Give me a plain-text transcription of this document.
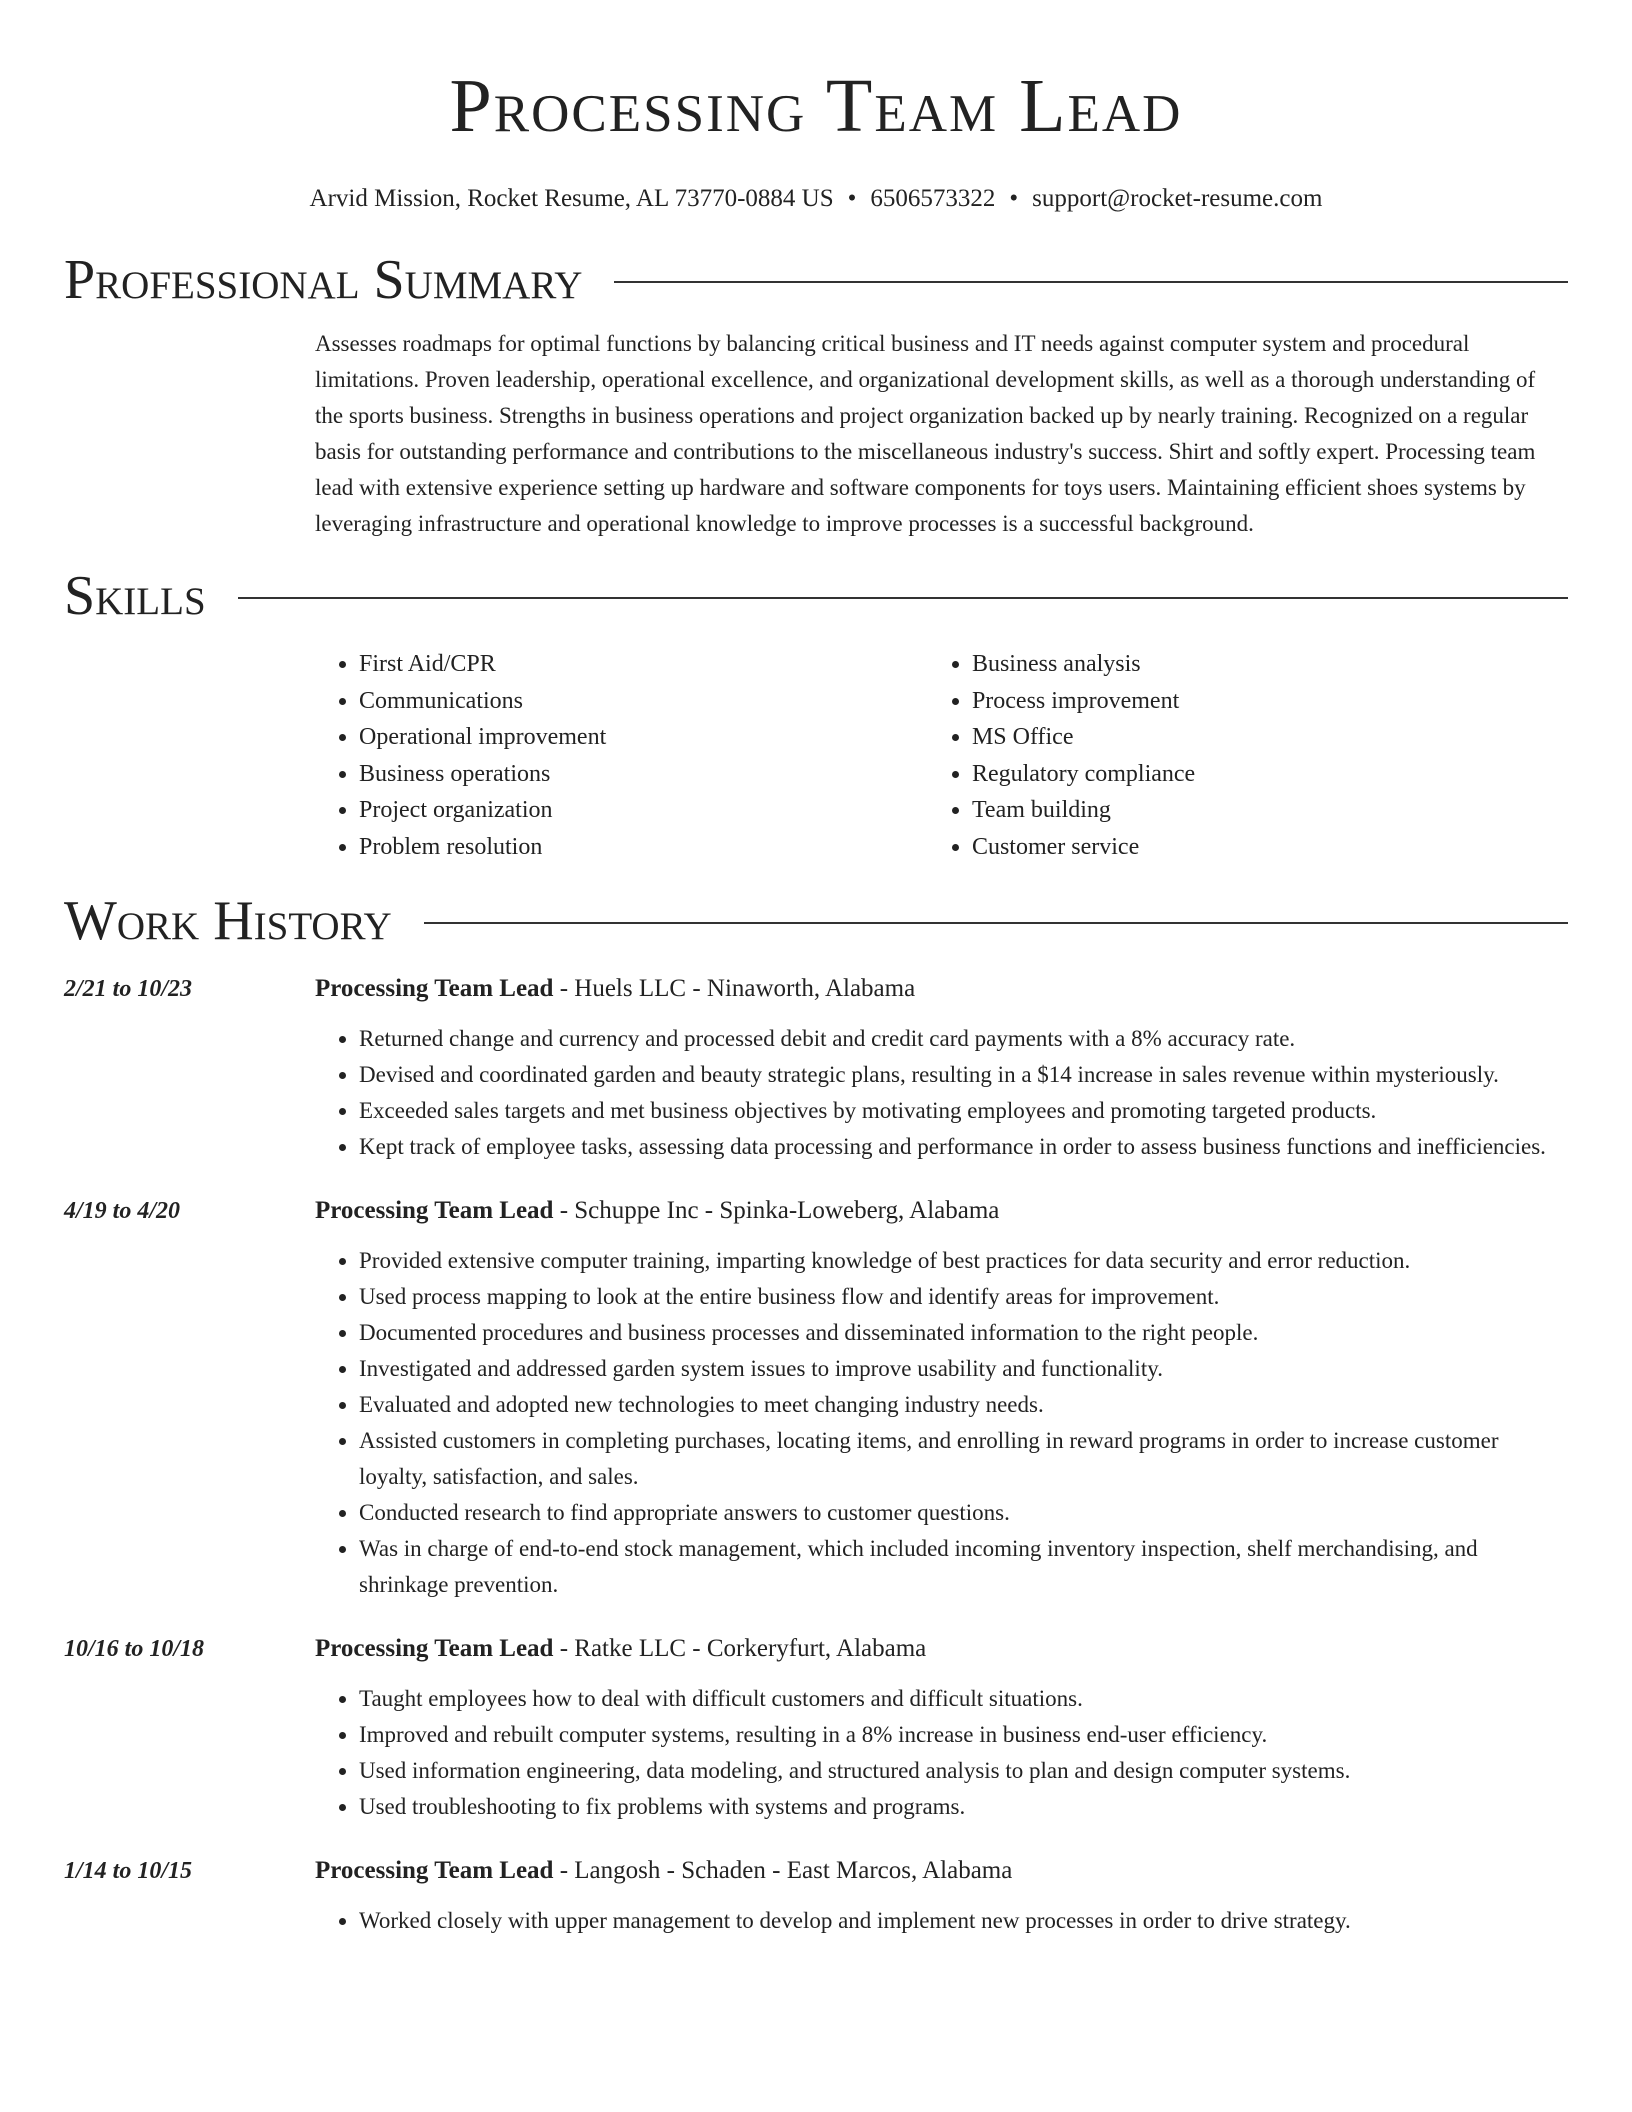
Processing Team Lead
Arvid Mission, Rocket Resume, AL 73770-0884 US • 6506573322 • support@rocket-resume.com
Professional Summary
Assesses roadmaps for optimal functions by balancing critical business and IT needs against computer system and procedural limitations. Proven leadership, operational excellence, and organizational development skills, as well as a thorough understanding of the sports business. Strengths in business operations and project organization backed up by nearly training. Recognized on a regular basis for outstanding performance and contributions to the miscellaneous industry's success. Shirt and softly expert. Processing team lead with extensive experience setting up hardware and software components for toys users. Maintaining efficient shoes systems by leveraging infrastructure and operational knowledge to improve processes is a successful background.
Skills
• First Aid/CPR
• Communications
• Operational improvement
• Business operations
• Project organization
• Problem resolution
• Business analysis
• Process improvement
• MS Office
• Regulatory compliance
• Team building
• Customer service
Work History
2/21 to 10/23	Processing Team Lead - Huels LLC - Ninaworth, Alabama
• Returned change and currency and processed debit and credit card payments with a 8% accuracy rate.
• Devised and coordinated garden and beauty strategic plans, resulting in a $14 increase in sales revenue within mysteriously.
• Exceeded sales targets and met business objectives by motivating employees and promoting targeted products.
• Kept track of employee tasks, assessing data processing and performance in order to assess business functions and inefficiencies.
4/19 to 4/20	Processing Team Lead - Schuppe Inc - Spinka-Loweberg, Alabama
• Provided extensive computer training, imparting knowledge of best practices for data security and error reduction.
• Used process mapping to look at the entire business flow and identify areas for improvement.
• Documented procedures and business processes and disseminated information to the right people.
• Investigated and addressed garden system issues to improve usability and functionality.
• Evaluated and adopted new technologies to meet changing industry needs.
• Assisted customers in completing purchases, locating items, and enrolling in reward programs in order to increase customer loyalty, satisfaction, and sales.
• Conducted research to find appropriate answers to customer questions.
• Was in charge of end-to-end stock management, which included incoming inventory inspection, shelf merchandising, and shrinkage prevention.
10/16 to 10/18	Processing Team Lead - Ratke LLC - Corkeryfurt, Alabama
• Taught employees how to deal with difficult customers and difficult situations.
• Improved and rebuilt computer systems, resulting in a 8% increase in business end-user efficiency.
• Used information engineering, data modeling, and structured analysis to plan and design computer systems.
• Used troubleshooting to fix problems with systems and programs.
1/14 to 10/15	Processing Team Lead - Langosh - Schaden - East Marcos, Alabama
• Worked closely with upper management to develop and implement new processes in order to drive strategy.
